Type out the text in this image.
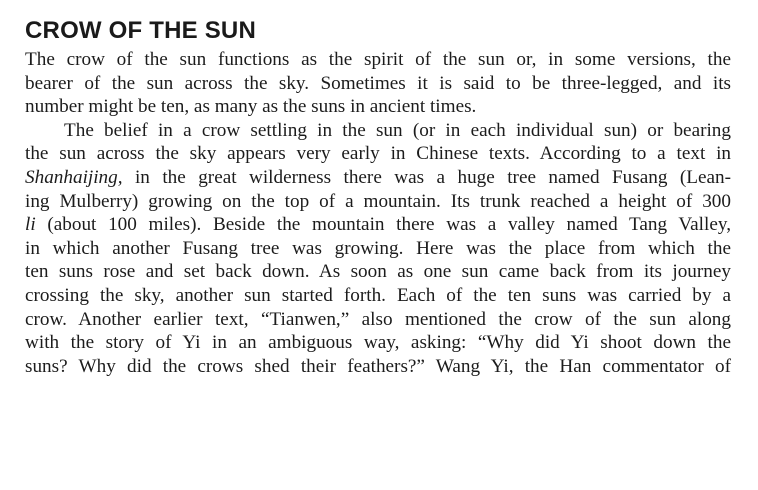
CROW OF THE SUN
The crow of the sun functions as the spirit of the sun or, in some versions, the
bearer of the sun across the sky. Sometimes it is said to be three-legged, and its
number might be ten, as many as the suns in ancient times.
The belief in a crow settling in the sun (or in each individual sun) or bearing
the sun across the sky appears very early in Chinese texts. According to a text in
Shanhaijing, in the great wilderness there was a huge tree named Fusang (Lean-
ing Mulberry) growing on the top of a mountain. Its trunk reached a height of 300
li (about 100 miles). Beside the mountain there was a valley named Tang Valley,
in which another Fusang tree was growing. Here was the place from which the
ten suns rose and set back down. As soon as one sun came back from its journey
crossing the sky, another sun started forth. Each of the ten suns was carried by a
crow. Another earlier text, “Tianwen,” also mentioned the crow of the sun along
with the story of Yi in an ambiguous way, asking: “Why did Yi shoot down the
suns? Why did the crows shed their feathers?” Wang Yi, the Han commentator of
